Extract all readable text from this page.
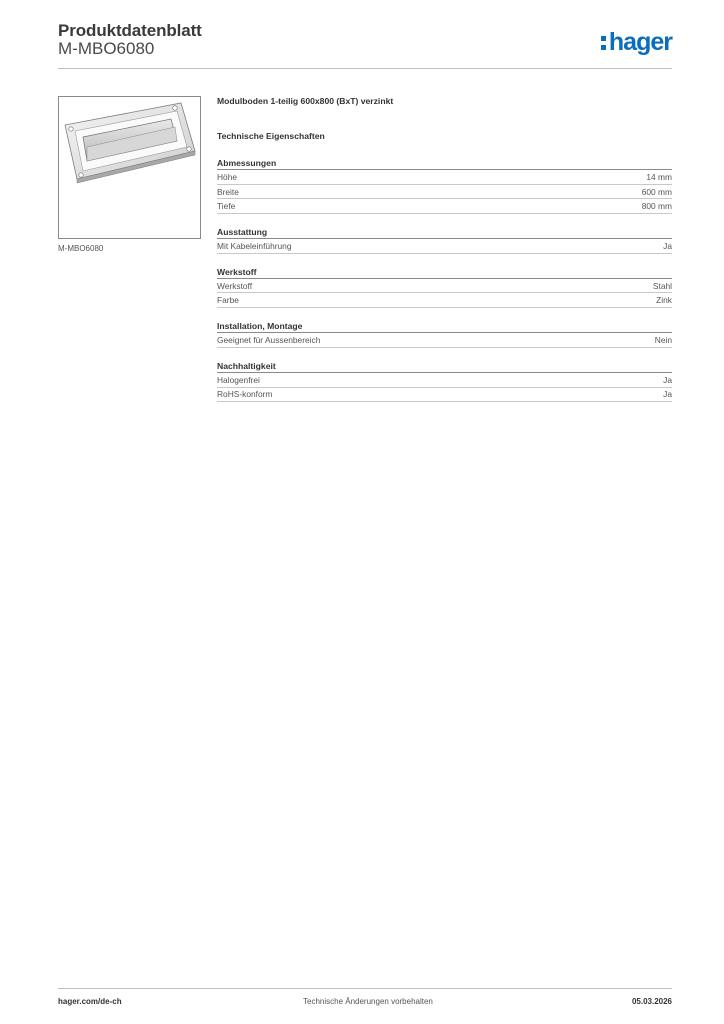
Produktdatenblatt
M-MBO6080	hager
M-MBO6080
Modulboden 1-teilig 600x800 (BxT) verzinkt
Technische Eigenschaften
Abmessungen
Höhe	14 mm
Breite	600 mm
Tiefe	800 mm
Ausstattung
Mit Kabeleinführung	Ja
Werkstoff
Werkstoff	Stahl
Farbe	Zink
Installation, Montage
Geeignet für Aussenbereich	Nein
Nachhaltigkeit
Halogenfrei	Ja
RoHS-konform	Ja
hager.com/de-ch	Technische Änderungen vorbehalten	05.03.2026
